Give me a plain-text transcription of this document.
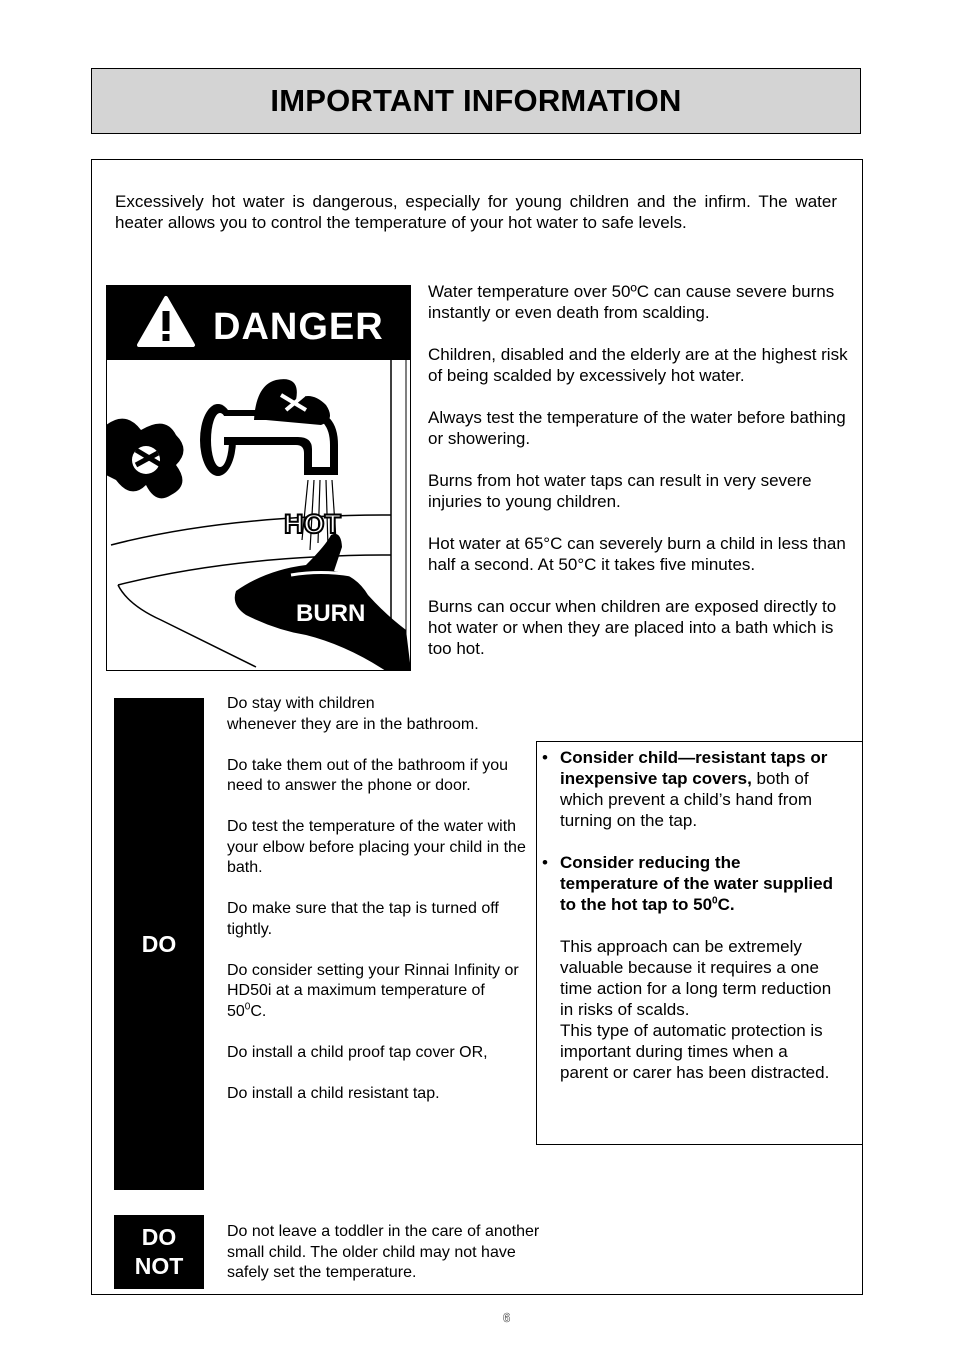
IMPORTANT INFORMATION
Excessively hot water is dangerous, especially for young children and the infirm. The water heater allows you to control the temperature of your hot water to safe levels.
DANGER
HOT
BURN

Water temperature over 50ºC can cause severe burns instantly or even death from scalding.

Children, disabled and the elderly are at the highest risk of being scalded by excessively hot water.

Always test the temperature of the water before bathing or showering.

Burns from hot water taps can result in very severe injuries to young children.

Hot water at 65°C can severely burn a child in less than half a second. At 50°C it takes five minutes.

Burns can occur when children are exposed directly to hot water or when they are placed into a bath which is too hot.

DO

Do stay with children
whenever they are in the bathroom.

Do take them out of the bathroom if you need to answer the phone or door.

Do test the temperature of the water with your elbow before placing your child in the bath.

Do make sure that the tap is turned off tightly.

Do consider setting your Rinnai Infinity or HD50i at a maximum temperature of $50^0C$.

Do install a child proof tap cover OR,

Do install a child resistant tap.

• Consider child—resistant taps or inexpensive tap covers, both of which prevent a child’s hand from turning on the tap.
• Consider reducing the temperature of the water supplied to the hot tap to $50^0C$.
This approach can be extremely valuable because it requires a one time action for a long term reduction in risks of scalds.
This type of automatic protection is important during times when a parent or carer has been distracted.
DO
NOT
Do not leave a toddler in the care of another small child. The older child may not have safely set the temperature.
6
